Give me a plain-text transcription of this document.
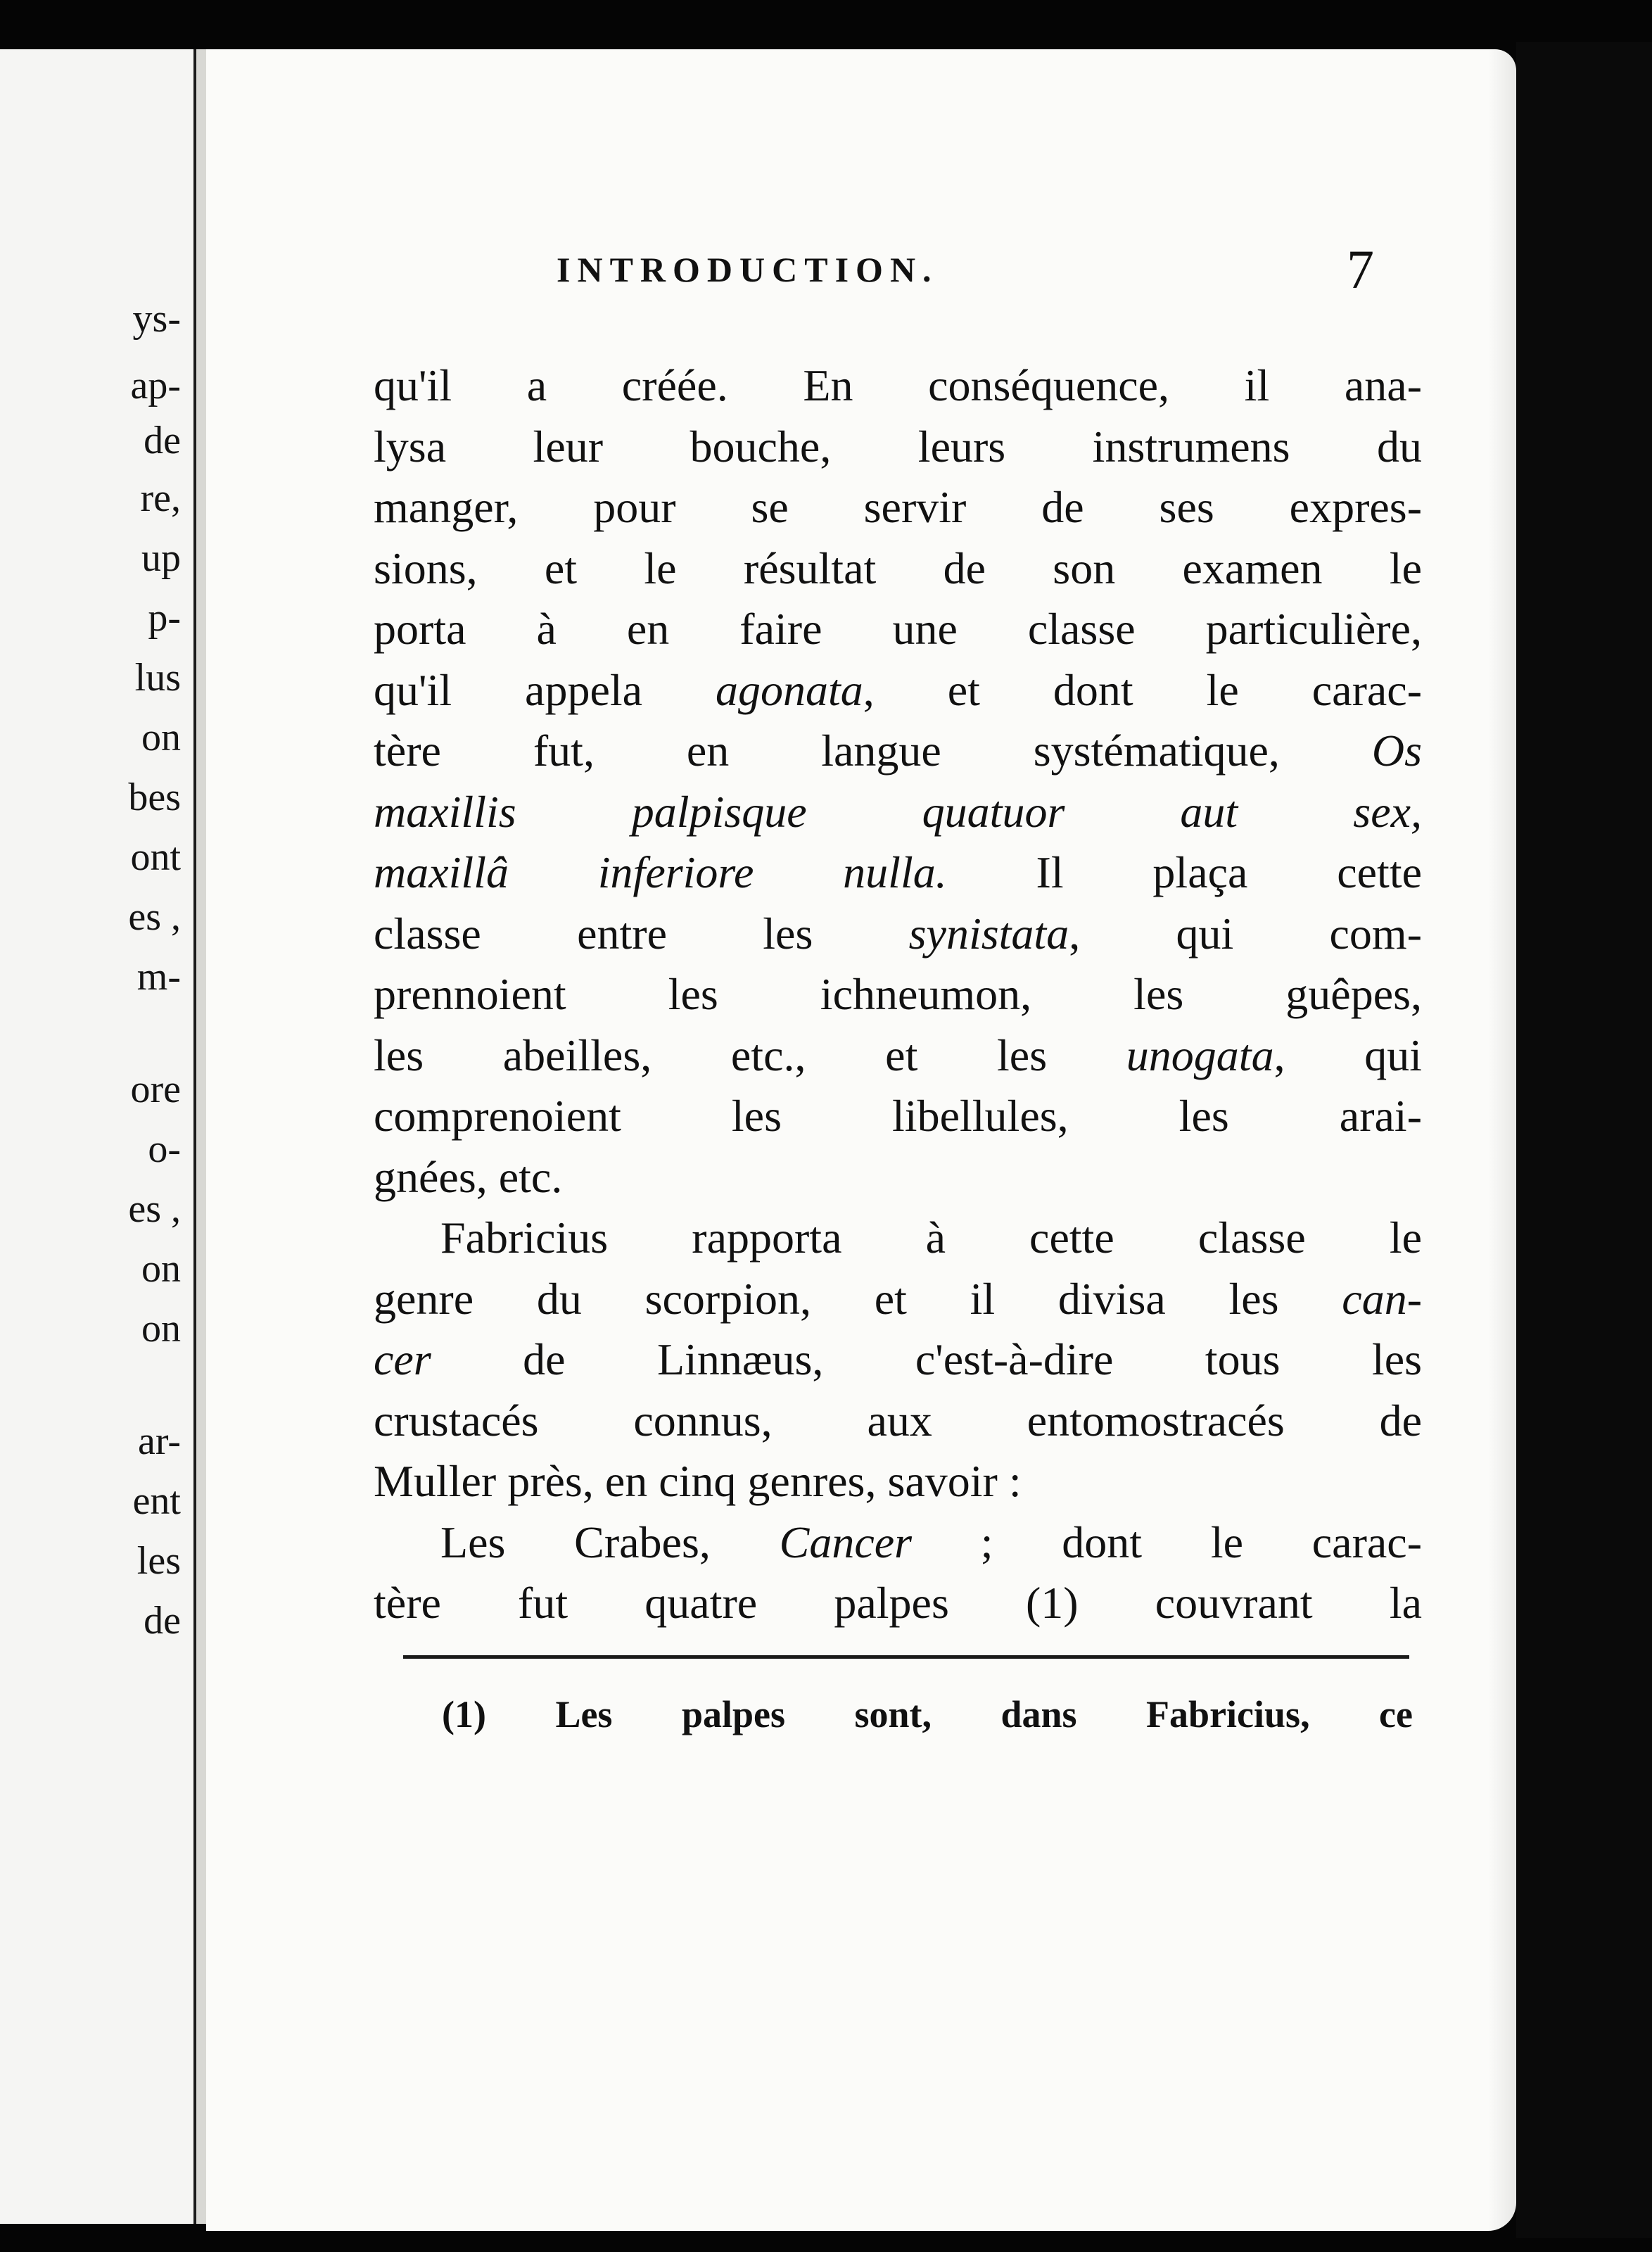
ys-
ap-
de
re,
up
p-
lus
on
bes
ont
es ,
m-
ore
o-
es ,
on
on
ar-
ent
les
de
INTRODUCTION.	7
qu'il a créée. En conséquence, il ana-
lysa leur bouche, leurs instrumens du
manger, pour se servir de ses expres-
sions, et le résultat de son examen le
porta à en faire une classe particulière,
qu'il appela agonata, et dont le carac-
tère fut, en langue systématique, Os
maxillis palpisque quatuor aut sex,
maxillâ inferiore nulla. Il plaça cette
classe entre les synistata, qui com-
prennoient les ichneumon, les guêpes,
les abeilles, etc., et les unogata, qui
comprenoient les libellules, les arai-
gnées, etc.
Fabricius rapporta à cette classe le
genre du scorpion, et il divisa les can-
cer de Linnæus, c'est-à-dire tous les
crustacés connus, aux entomostracés de
Muller près, en cinq genres, savoir :
Les Crabes, Cancer ; dont le carac-
tère fut quatre palpes (1) couvrant la
(1) Les palpes sont, dans Fabricius, ce
